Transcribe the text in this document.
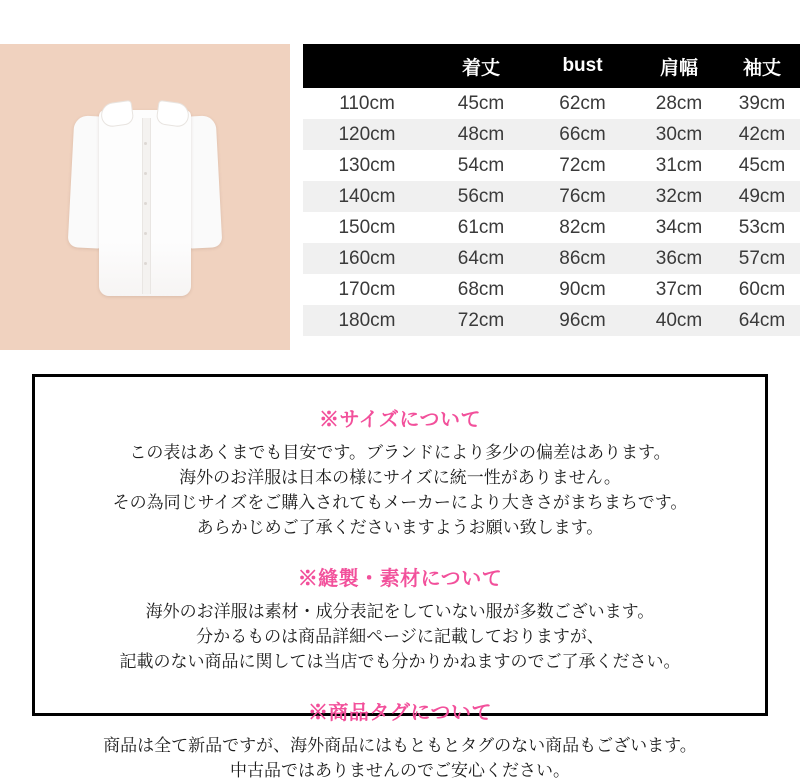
	着丈	bust	肩幅	袖丈
110cm	45cm	62cm	28cm	39cm
120cm	48cm	66cm	30cm	42cm
130cm	54cm	72cm	31cm	45cm
140cm	56cm	76cm	32cm	49cm
150cm	61cm	82cm	34cm	53cm
160cm	64cm	86cm	36cm	57cm
170cm	68cm	90cm	37cm	60cm
180cm	72cm	96cm	40cm	64cm

※サイズについて

この表はあくまでも目安です。ブランドにより多少の偏差はあります。
海外のお洋服は日本の様にサイズに統一性がありません。
その為同じサイズをご購入されてもメーカーにより大きさがまちまちです。
あらかじめご了承くださいますようお願い致します。

※縫製・素材について

海外のお洋服は素材・成分表記をしていない服が多数ございます。
分かるものは商品詳細ページに記載しておりますが、
記載のない商品に関しては当店でも分かりかねますのでご了承ください。

※商品タグについて

商品は全て新品ですが、海外商品にはもともとタグのない商品もございます。
中古品ではありませんのでご安心ください。
